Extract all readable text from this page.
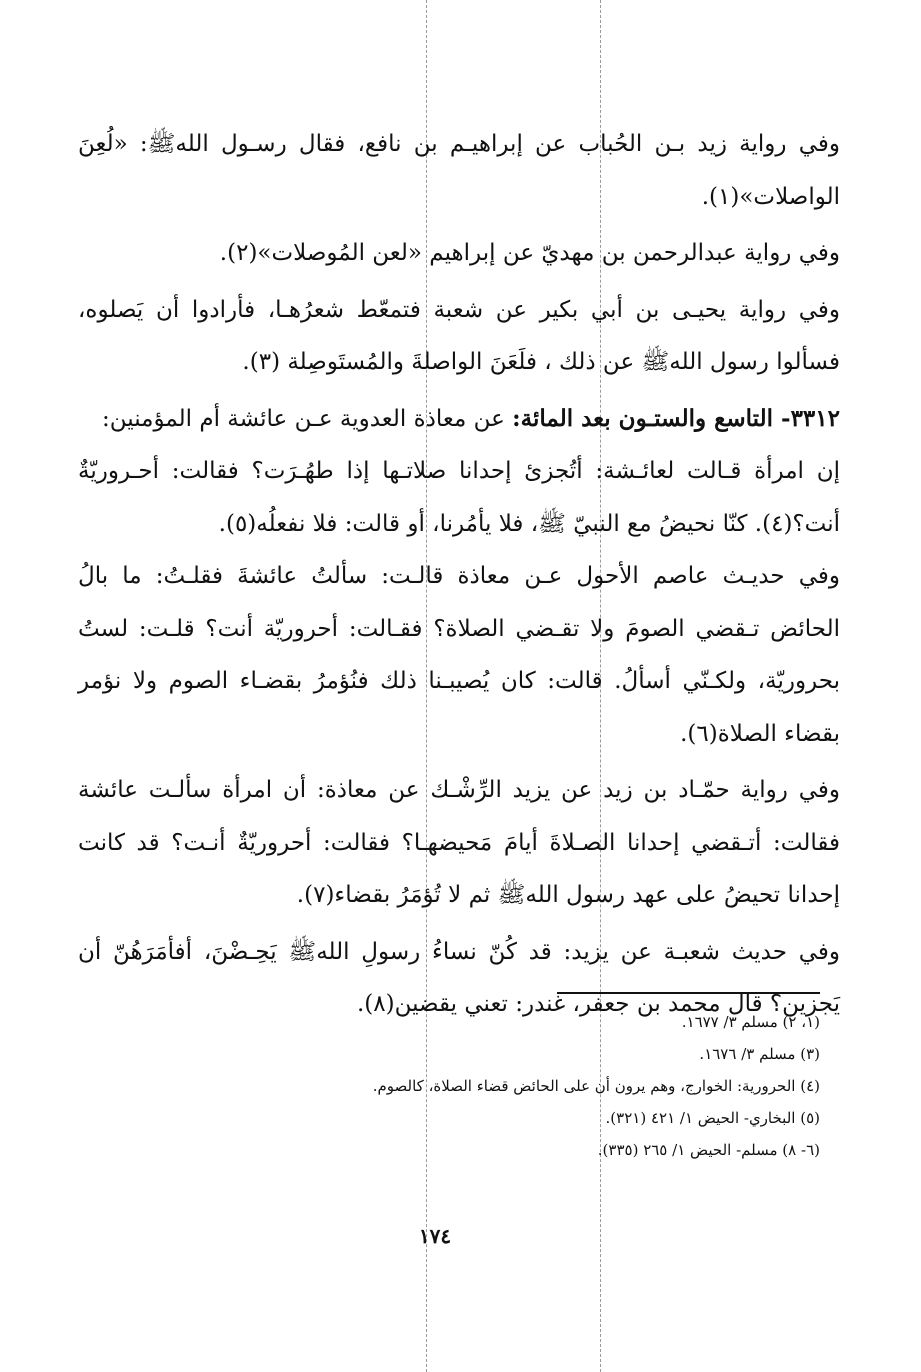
وفي رواية زيد بـن الحُباب عن إبراهيـم بن نافع، فقال رسـول اللهﷺ: «لُعِنَ الواصلات»(١).

وفي رواية عبدالرحمن بن مهديّ عن إبراهيم «لعن المُوصلات»(٢).

وفي رواية يحيـى بن أبي بكير عن شعبة فتمعّط شعرُهـا، فأرادوا أن يَصلوه، فسألوا رسول اللهﷺ عن ذلك ، فلَعَنَ الواصلةَ والمُستَوصِلة (٣).

٣٣١٢- التاسع والستـون بعد المائة: عن معاذة العدوية عـن عائشة أم المؤمنين:

إن امرأة قـالت لعائـشة: أتُجزئ إحدانا صلاتـها إذا طهُـرَت؟ فقالت: أحـروريّةٌ أنت؟(٤). كنّا نحيضُ مع النبيّ ﷺ، فلا يأمُرنا، أو قالت: فلا نفعلُه(٥).

وفي حديـث عاصم الأحول عـن معاذة قالـت: سألتُ عائشةَ فقلـتُ: ما بالُ الحائض تـقضي الصومَ ولا تقـضي الصلاة؟ فقـالت: أحروريّة أنت؟ قلـت: لستُ بحروريّة، ولكـنّي أسألُ. قالت: كان يُصيبـنا ذلك فنُؤمرُ بقضـاء الصوم ولا نؤمر بقضاء الصلاة(٦).

وفي رواية حمّـاد بن زيد عن يزيد الرِّشْـك عن معاذة: أن امرأة سألـت عائشة فقالت: أتـقضي إحدانا الصـلاةَ أيامَ مَحيضهـا؟ فقالت: أحروريّةٌ أنـت؟ قد كانت إحدانا تحيضُ على عهد رسول اللهﷺ ثم لا تُؤمَرُ بقضاء(٧).

وفي حديث شعبـة عن يزيد: قد كُنّ نساءُ رسولِ اللهﷺ يَحِـضْنَ، أفأمَرَهُنّ أن يَجزين؟ قال محمد بن جعفر، غندر: تعني يقضين(٨).

(١، ٢) مسلم ٣/ ١٦٧٧.

(٣) مسلم ٣/ ١٦٧٦.

(٤) الحرورية: الخوارج، وهم يرون أن على الحائض قضاء الصلاة، كالصوم.

(٥) البخاري- الحيض ١/ ٤٢١ (٣٢١).

(٦- ٨) مسلم- الحيض ١/ ٢٦٥ (٣٣٥).

١٧٤
